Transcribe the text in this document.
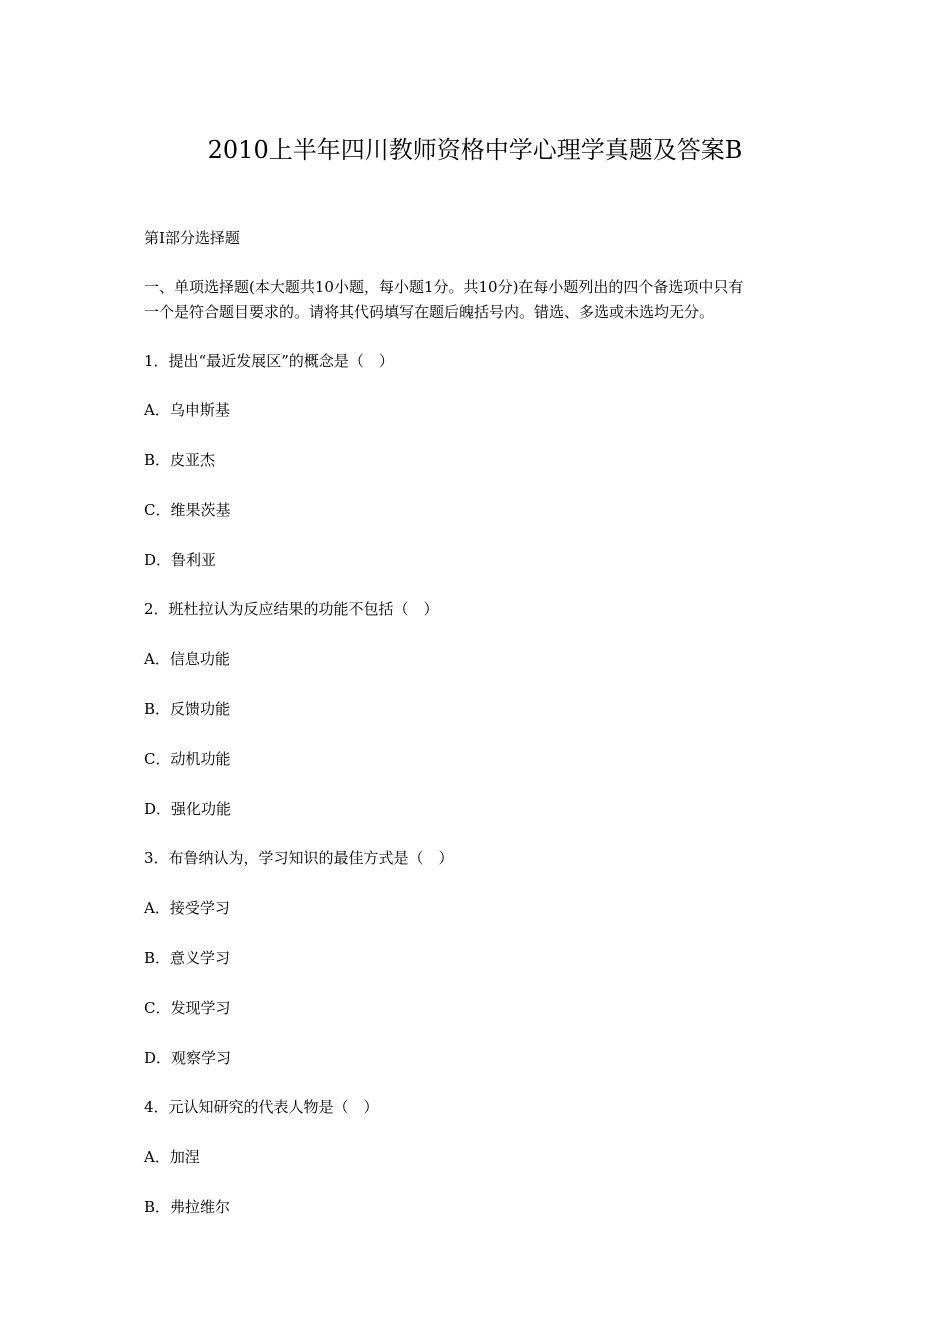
2010上半年四川教师资格中学心理学真题及答案B
第Ⅰ部分选择题
一、单项选择题(本大题共10小题，每小题1分。共10分)在每小题列出的四个备选项中只有
一个是符合题目要求的。请将其代码填写在题后魄括号内。错选、多选或未选均无分。
1．提出“最近发展区”的概念是（　）
A．乌申斯基
B．皮亚杰
C．维果茨基
D．鲁利亚
2．班杜拉认为反应结果的功能不包括（　）
A．信息功能
B．反馈功能
C．动机功能
D．强化功能
3．布鲁纳认为，学习知识的最佳方式是（　）
A．接受学习
B．意义学习
C．发现学习
D．观察学习
4．元认知研究的代表人物是（　）
A．加涅
B．弗拉维尔
